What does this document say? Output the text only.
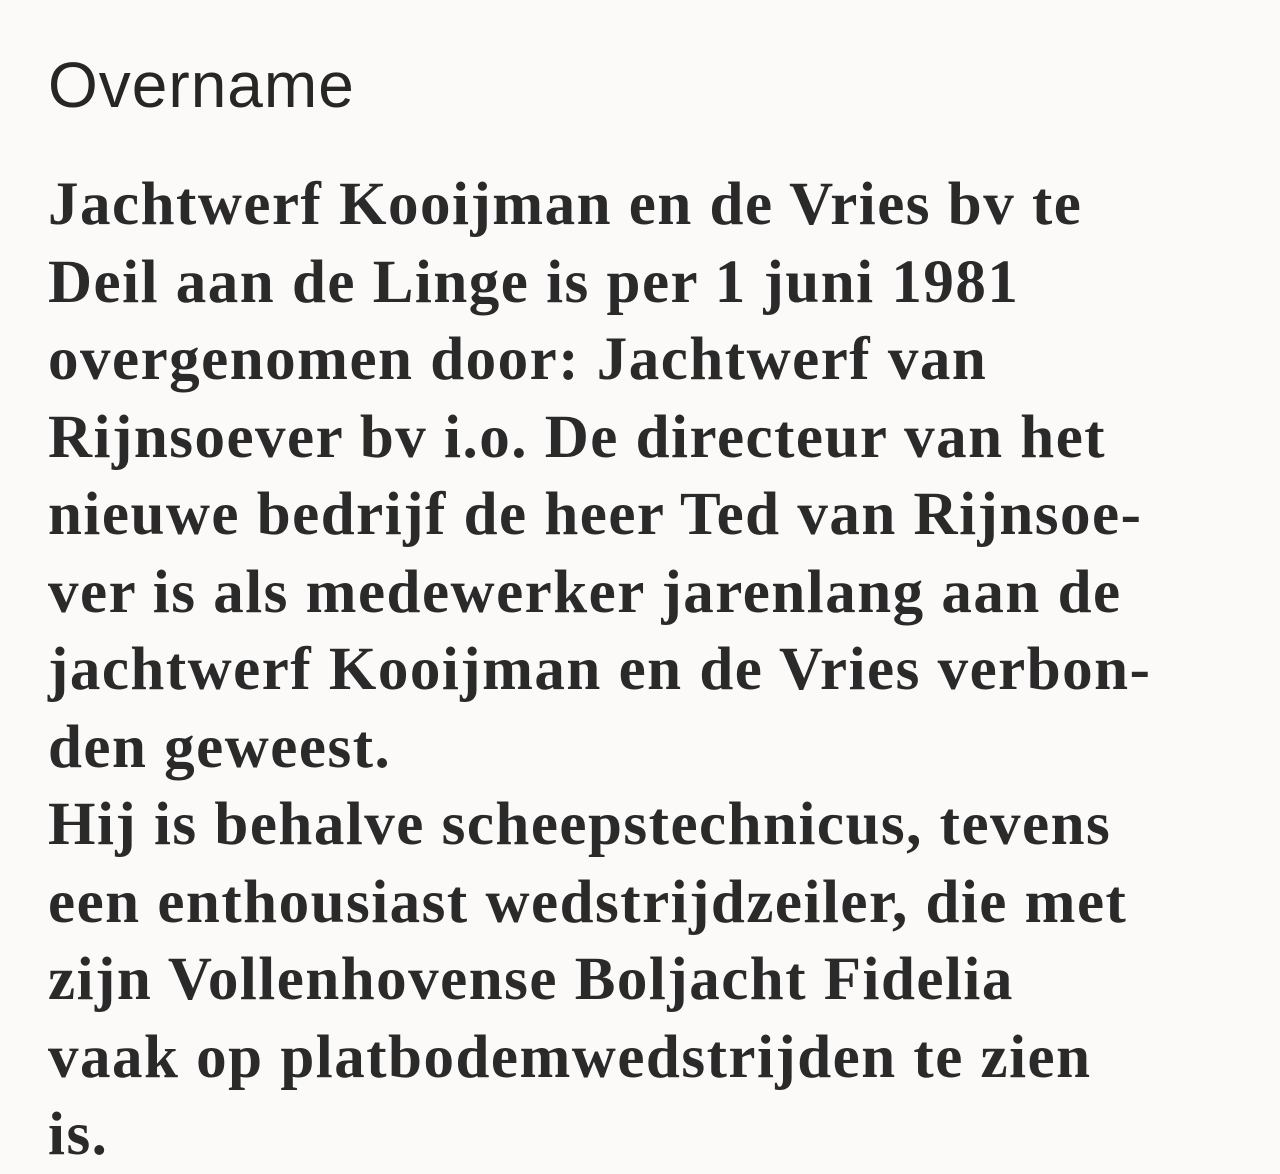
Overname
Jachtwerf Kooijman en de Vries bv te
Deil aan de Linge is per 1 juni 1981
overgenomen door: Jachtwerf van
Rijnsoever bv i.o. De directeur van het
nieuwe bedrijf de heer Ted van Rijnsoe-
ver is als medewerker jarenlang aan de
jachtwerf Kooijman en de Vries verbon-
den geweest.
Hij is behalve scheepstechnicus, tevens
een enthousiast wedstrijdzeiler, die met
zijn Vollenhovense Boljacht Fidelia
vaak op platbodemwedstrijden te zien
is.
